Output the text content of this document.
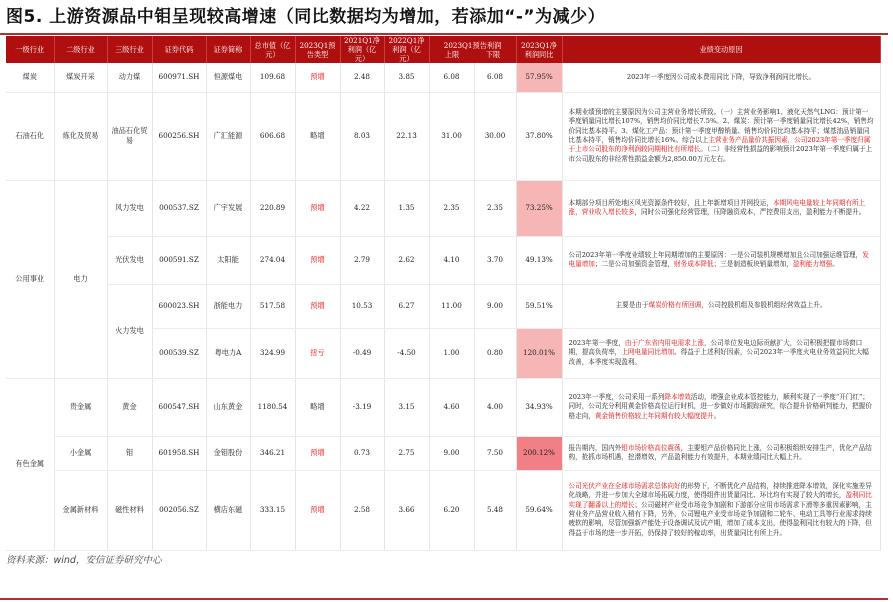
图5. 上游资源品中钼呈现较高增速（同比数据均为增加，若添加“-”为减少）
一级行业	二级行业	三级行业	证券代码	证券简称	总市值（亿元）	2023Q1预告类型	2021Q1净
利润（亿
元）	2022Q1净
利润（亿
元）	2023Q1预告利润
上限 下限		2023Q1净利润同比	业绩变动原因
煤炭	煤炭开采	动力煤	600971.SH	恒源煤电	109.68	预增	2.48	3.85	6.08	6.08	57.95%	2023年一季度因公司成本费用同比下降，导致净利润同比增长。
石油石化	炼化及贸易	油品石化贸易	600256.SH	广汇能源	606.68	略增	8.03	22.13	31.00	30.00	37.80%	本期业绩预增的主要原因为公司主营业务增长所致。（一）主营业务影响1、液化天然气LNG：预计第一季度销量同比增长107%，销售均价同比增长7.5%。2、煤炭：预计第一季度销量同比增长42%，销售均价同比基本持平。3、煤化工产品：预计第一季度甲醇销量、销售均价同比均基本持平；煤基油品销量同比基本持平，销售均价同比增长16%。综合以上主营业务产品量价共振因素，公司2023年第一季度归属于上市公司股东的净利润较同期相比有所增长。（二）非经营性损益的影响预计2023年第一季度归属于上市公司股东的非经常性损益金额为2,850.00万元左右。
公用事业	电力	风力发电	000537.SZ	广宇发展	220.89	预增	4.22	1.35	2.35	2.35	73.25%	本期部分项目所处地区风光资源条件较好，且上年新增项目并网投运，本期风电电量较上年同期有所上涨，营业收入增长较多，同时公司强化经营管理，压降融资成本，严控费用支出，盈利能力不断提升。
		光伏发电	000591.SZ	太阳能	274.04	预增	2.79	2.62	4.10	3.70	49.13%	公司2023年第一季度业绩较上年同期增加的主要原因：一是公司装机规模增加且公司加强运维管理，发电量增加；二是公司加强资金管理，财务成本降低；三是制造板块销量增加，盈利能力增强。
		火力发电	600023.SH	浙能电力	517.58	预增	10.53	6.27	11.00	9.00	59.51%	主要是由于煤炭价格有所回调，公司控股机组及参股机组经营效益上升。
			000539.SZ	粤电力A	324.99	扭亏	-0.49	-4.50	1.00	0.80	120.01%	2023年第一季度，由于广东省内用电需求上涨，公司单位发电边际贡献扩大，公司积极把握市场窗口期，提高负荷率，上网电量同比增加。得益于上述利好因素，公司2023年一季度火电业务效益同比大幅改善，本季度实现盈利。
有色金属	贵金属	黄金	600547.SH	山东黄金	1180.54	略增	-3.19	3.15	4.60	4.00	34.93%	2023年一季度，公司采用一系列降本增效活动，增强企业成本管控能力，顺利实现了一季度“开门红”；同时，公司充分利用黄金价格高位运行时机，进一步做好市场跟踪研究，综合提升价格研判能力，把握价格走向，黄金销售价格较上年同期有较大幅度提升。
	小金属	钼	601958.SH	金钼股份	346.21	预增	0.73	2.75	9.00	7.50	200.12%	报告期内，国内外钼市场价格高位震荡，主要钼产品价格同比上涨，公司积极组织安排生产，优化产品结构，抢抓市场机遇，挖潜增效，产品盈利能力有效提升，本期业绩同比大幅上升。
	金属新材料	磁性材料	002056.SZ	横店东磁	333.15	预增	2.58	3.66	6.20	5.48	59.64%	公司光伏产业在全球市场需求总体向好的形势下，不断优化产品结构，持续推进降本增效，深化实施差异化战略，并进一步加大全球市场拓展力度，使得组件出货量同比、环比均有实现了较大的增长，盈利同比实现了翻番以上的增长；公司磁材产业受市场竞争加剧和下游部分应用市场需求下滑等多重因素影响，主营业务产品营业收入稍有下降，另外，公司锂电产业受市场竞争加剧和二轮车、电动工具等行业需求持续疲软的影响，尽管加强新产能处于设备调试及试产期，增加了成本支出，使得盈利同比有较大的下降，但得益于市场的进一步开拓，仍保持了较好的稼动率，出货量同比有所上升。
资料来源：wind，安信证券研究中心
